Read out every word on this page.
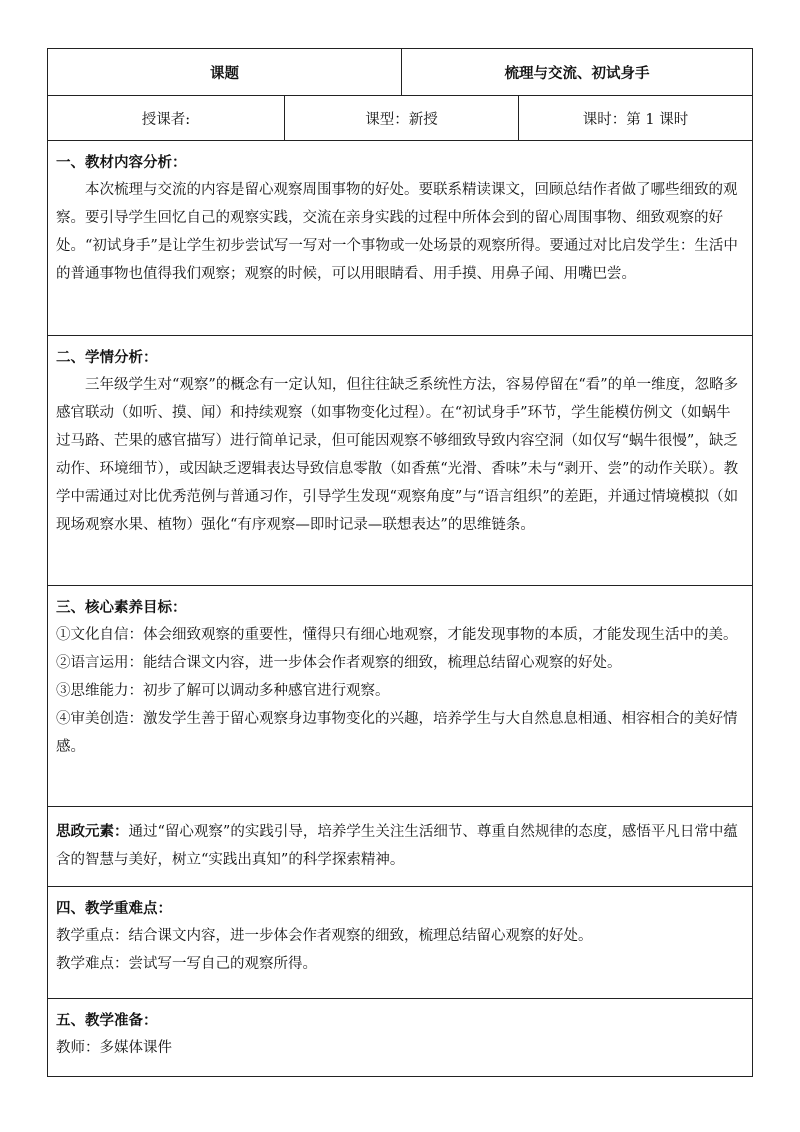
课题	梳理与交流、初试身手
授课者:	课型：新授	课时：第 1 课时
一、教材内容分析：

本次梳理与交流的内容是留心观察周围事物的好处。要联系精读课文，回顾总结作者做了哪些细致的观察。要引导学生回忆自己的观察实践，交流在亲身实践的过程中所体会到的留心周围事物、细致观察的好处。“初试身手”是让学生初步尝试写一写对一个事物或一处场景的观察所得。要通过对比启发学生：生活中的普通事物也值得我们观察；观察的时候，可以用眼睛看、用手摸、用鼻子闻、用嘴巴尝。

二、学情分析：

三年级学生对“观察”的概念有一定认知，但往往缺乏系统性方法，容易停留在“看”的单一维度，忽略多感官联动（如听、摸、闻）和持续观察（如事物变化过程）。在“初试身手”环节，学生能模仿例文（如蜗牛过马路、芒果的感官描写）进行简单记录，但可能因观察不够细致导致内容空洞（如仅写“蜗牛很慢”，缺乏动作、环境细节），或因缺乏逻辑表达导致信息零散（如香蕉“光滑、香味”未与“剥开、尝”的动作关联）。教学中需通过对比优秀范例与普通习作，引导学生发现“观察角度”与“语言组织”的差距，并通过情境模拟（如现场观察水果、植物）强化“有序观察—即时记录—联想表达”的思维链条。

三、核心素养目标：

①文化自信：体会细致观察的重要性，懂得只有细心地观察，才能发现事物的本质，才能发现生活中的美。

②语言运用：能结合课文内容，进一步体会作者观察的细致，梳理总结留心观察的好处。

③思维能力：初步了解可以调动多种感官进行观察。

④审美创造：激发学生善于留心观察身边事物变化的兴趣，培养学生与大自然息息相通、相容相合的美好情感。

思政元素：通过“留心观察”的实践引导，培养学生关注生活细节、尊重自然规律的态度，感悟平凡日常中蕴含的智慧与美好，树立“实践出真知”的科学探索精神。

四、教学重难点：

教学重点：结合课文内容，进一步体会作者观察的细致，梳理总结留心观察的好处。

教学难点：尝试写一写自己的观察所得。

五、教学准备：

教师：多媒体课件
